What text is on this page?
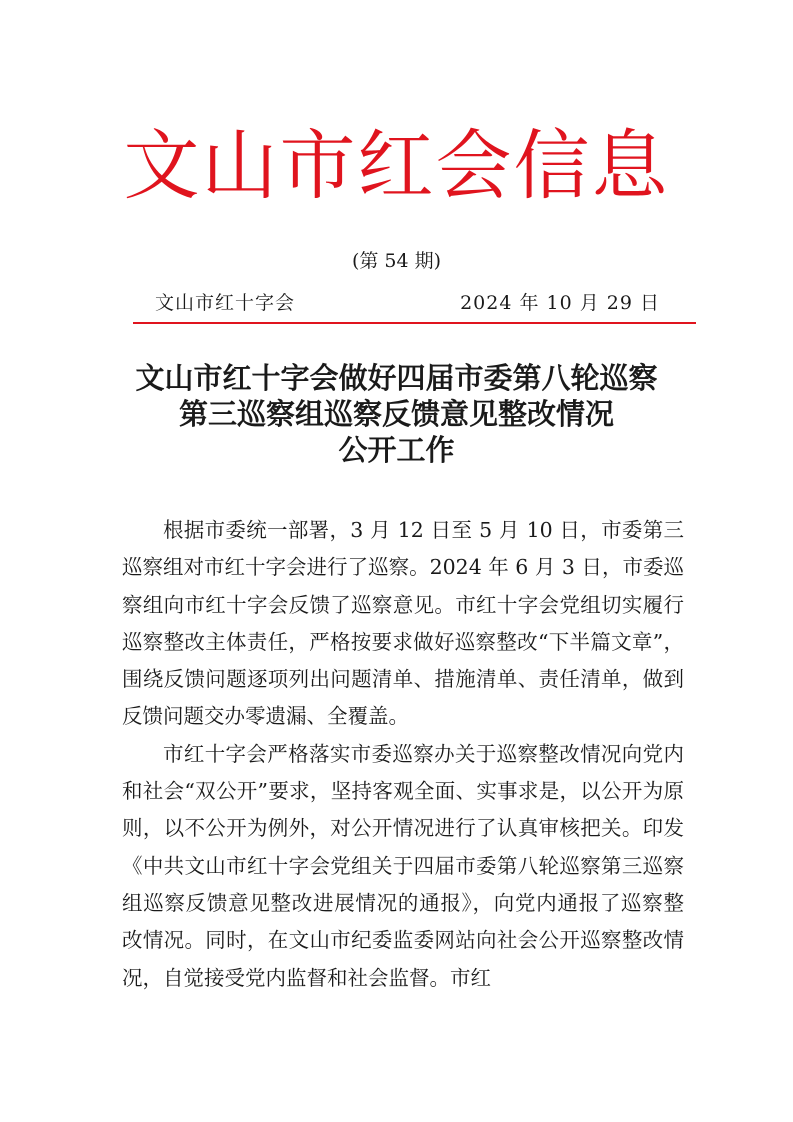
文山市红会信息
(第 54 期)
文山市红十字会	2024 年 10 月 29 日
文山市红十字会做好四届市委第八轮巡察
第三巡察组巡察反馈意见整改情况
公开工作

根据市委统一部署，3 月 12 日至 5 月 10 日，市委第三巡察组对市红十字会进行了巡察。2024 年 6 月 3 日，市委巡察组向市红十字会反馈了巡察意见。市红十字会党组切实履行巡察整改主体责任，严格按要求做好巡察整改“下半篇文章”，围绕反馈问题逐项列出问题清单、措施清单、责任清单，做到反馈问题交办零遗漏、全覆盖。

市红十字会严格落实市委巡察办关于巡察整改情况向党内和社会“双公开”要求，坚持客观全面、实事求是，以公开为原则，以不公开为例外，对公开情况进行了认真审核把关。印发《中共文山市红十字会党组关于四届市委第八轮巡察第三巡察组巡察反馈意见整改进展情况的通报》，向党内通报了巡察整改情况。同时，在文山市纪委监委网站向社会公开巡察整改情况，自觉接受党内监督和社会监督。市红
